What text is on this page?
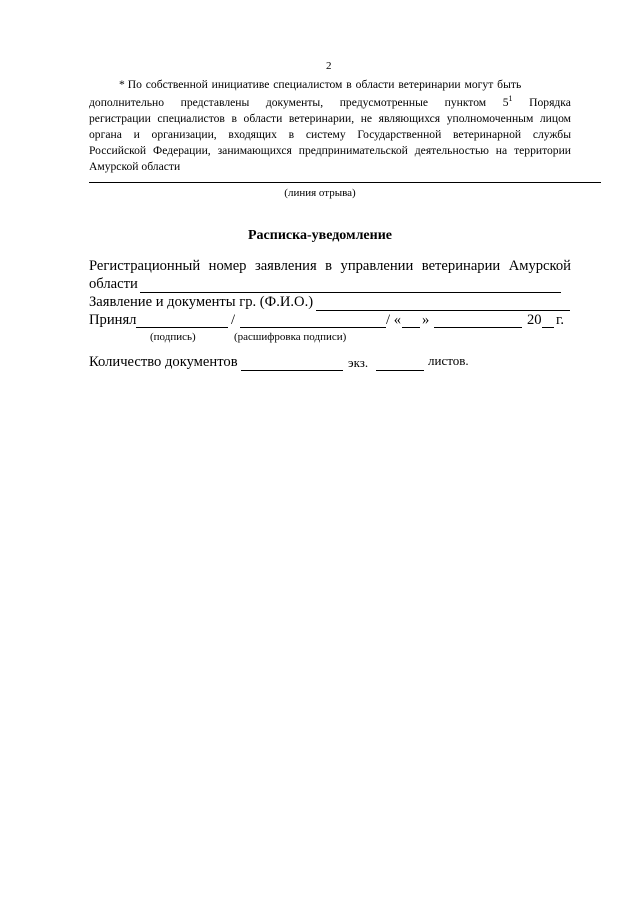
2
* По собственной инициативе специалистом в области ветеринарии могут быть
дополнительно представлены документы, предусмотренные пунктом $5^1$ Порядка
регистрации специалистов в области ветеринарии, не являющихся уполномоченным лицом
органа и организации, входящих в систему Государственной ветеринарной службы
Российской Федерации, занимающихся предпринимательской деятельностью на территории
Амурской области
(линия отрыва)
Расписка-уведомление
Регистрационный номер заявления в управлении ветеринарии Амурской
области
Заявление и документы гр. (Ф.И.О.)
Принял	/	/ « »	20 г.
(подпись)	(расшифровка подписи)
Количество документов	экз.	листов.
